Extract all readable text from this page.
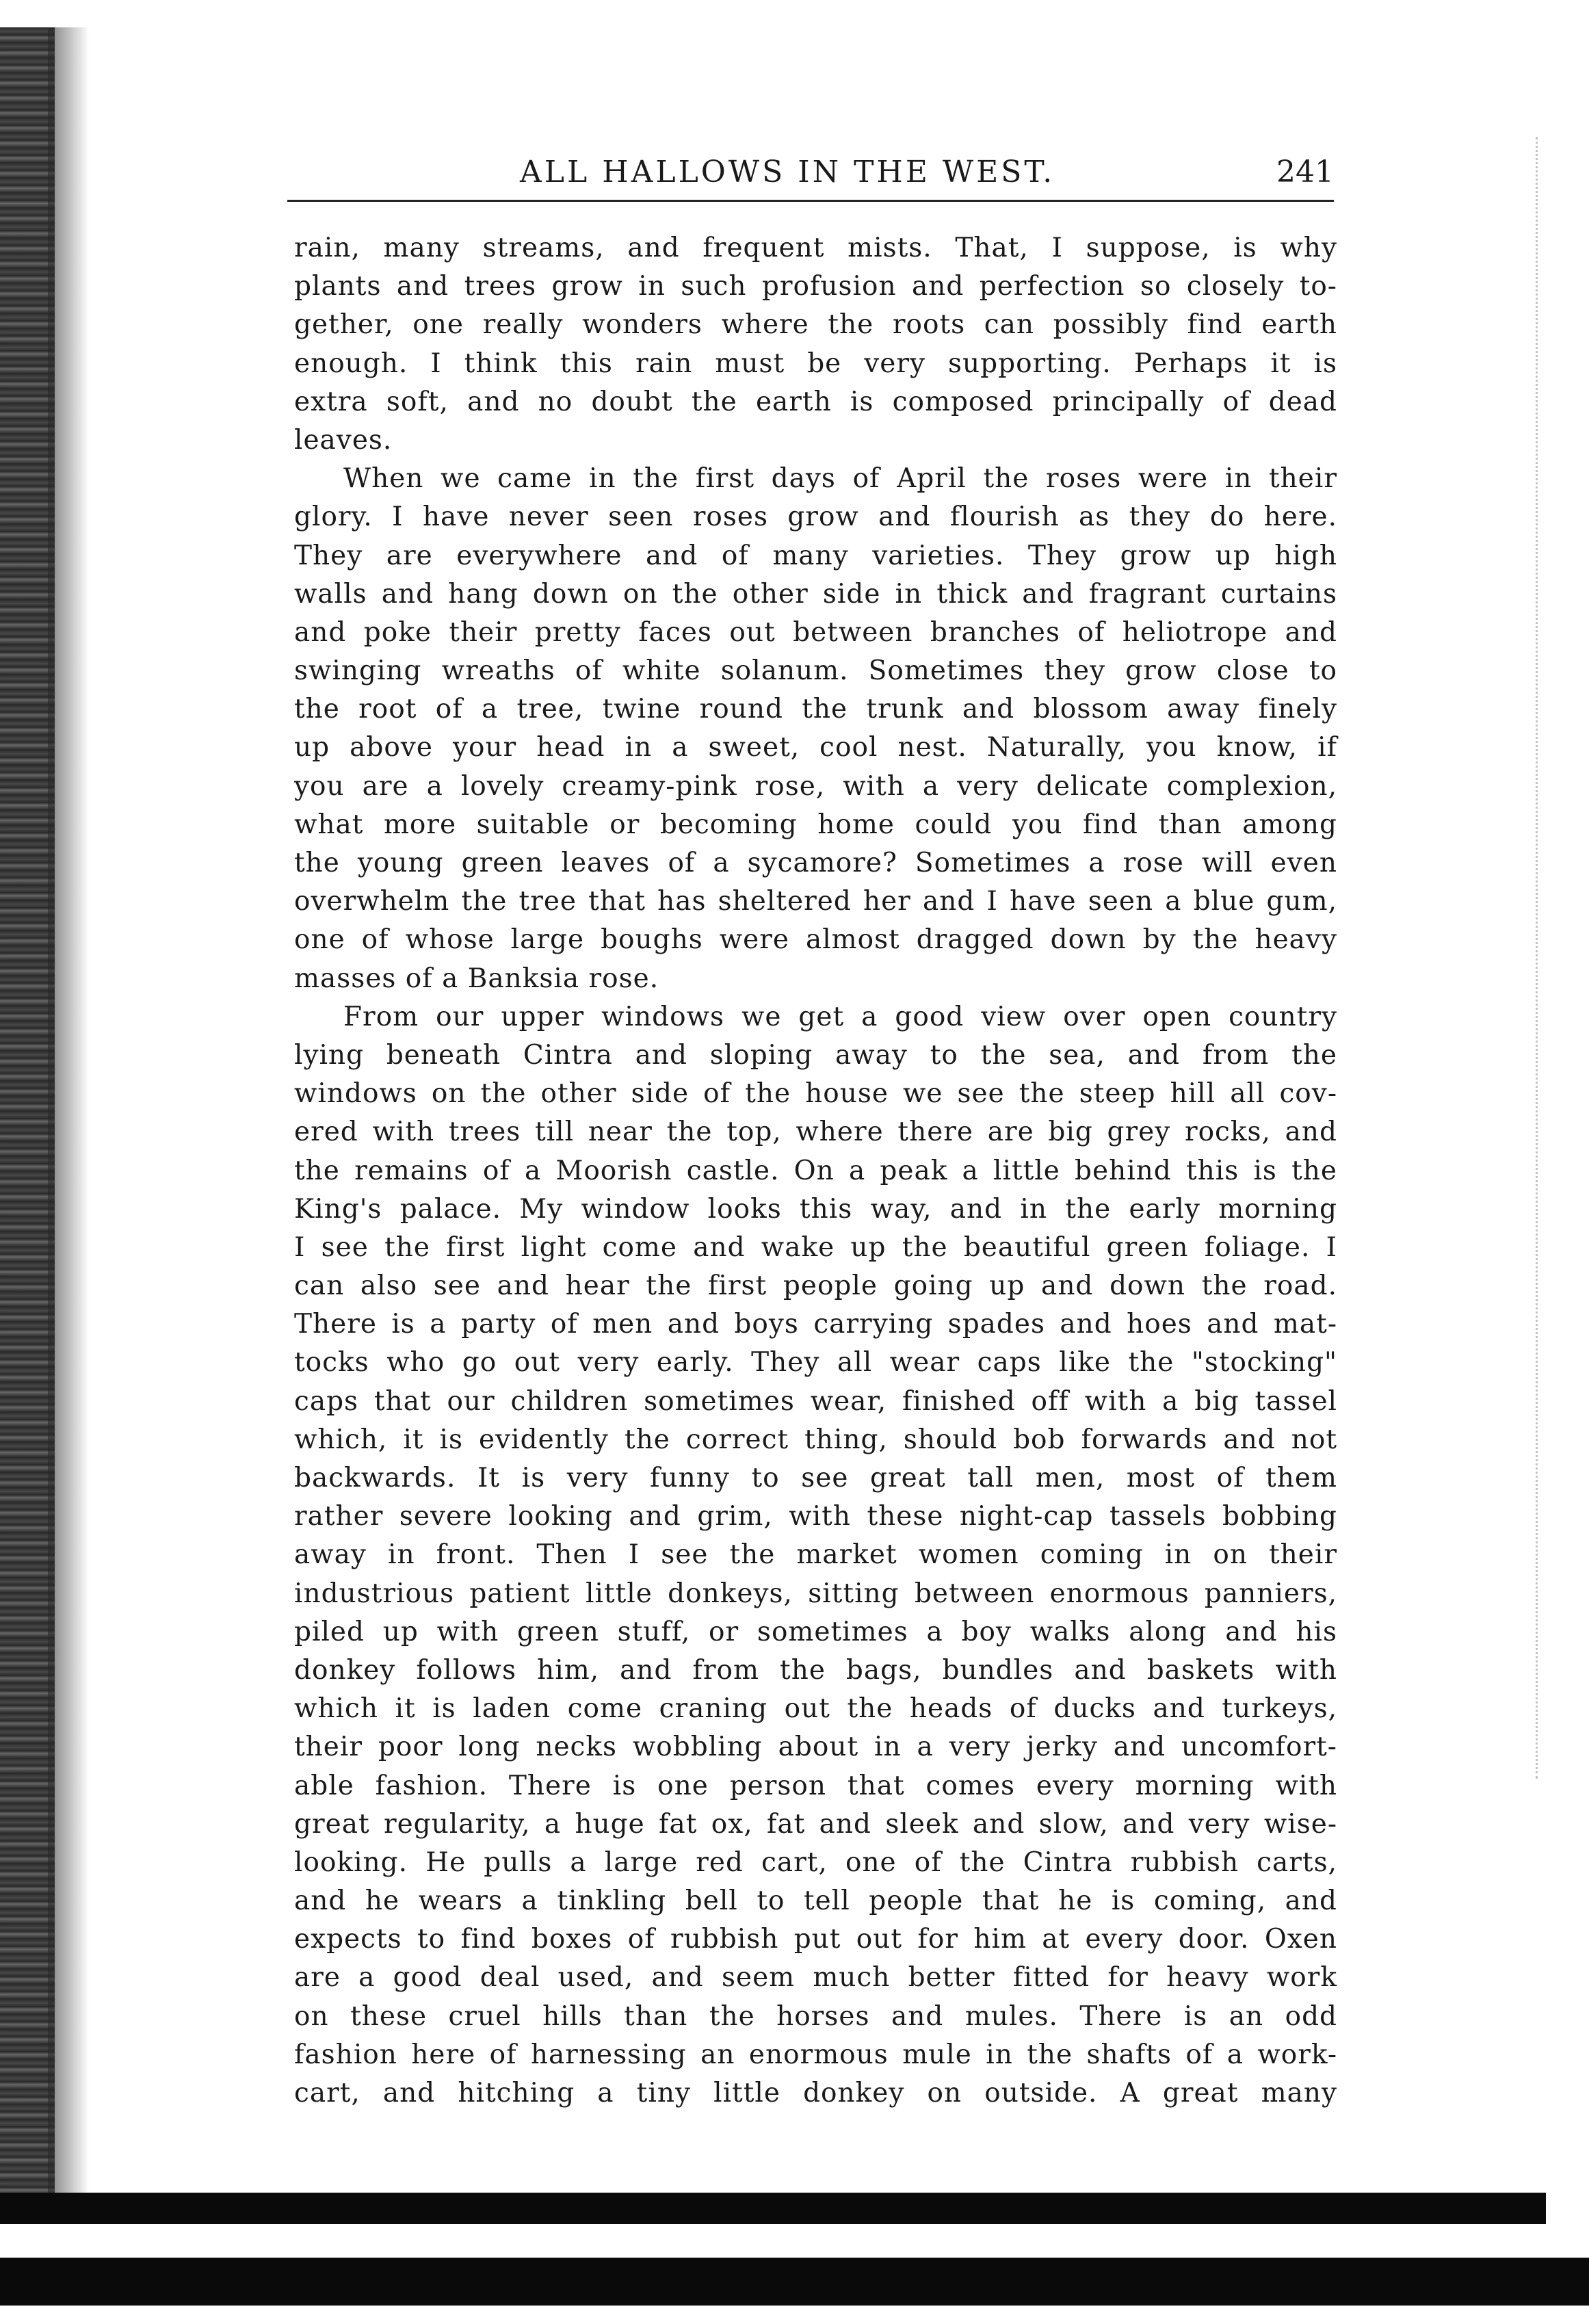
ALL HALLOWS IN THE WEST.	241
rain, many streams, and frequent mists. That, I suppose, is why
plants and trees grow in such profusion and perfection so closely to-
gether, one really wonders where the roots can possibly find earth
enough. I think this rain must be very supporting. Perhaps it is
extra soft, and no doubt the earth is composed principally of dead
leaves.
When we came in the first days of April the roses were in their
glory. I have never seen roses grow and flourish as they do here.
They are everywhere and of many varieties. They grow up high
walls and hang down on the other side in thick and fragrant curtains
and poke their pretty faces out between branches of heliotrope and
swinging wreaths of white solanum. Sometimes they grow close to
the root of a tree, twine round the trunk and blossom away finely
up above your head in a sweet, cool nest. Naturally, you know, if
you are a lovely creamy-pink rose, with a very delicate complexion,
what more suitable or becoming home could you find than among
the young green leaves of a sycamore? Sometimes a rose will even
overwhelm the tree that has sheltered her and I have seen a blue gum,
one of whose large boughs were almost dragged down by the heavy
masses of a Banksia rose.
From our upper windows we get a good view over open country
lying beneath Cintra and sloping away to the sea, and from the
windows on the other side of the house we see the steep hill all cov-
ered with trees till near the top, where there are big grey rocks, and
the remains of a Moorish castle. On a peak a little behind this is the
King's palace. My window looks this way, and in the early morning
I see the first light come and wake up the beautiful green foliage. I
can also see and hear the first people going up and down the road.
There is a party of men and boys carrying spades and hoes and mat-
tocks who go out very early. They all wear caps like the "stocking"
caps that our children sometimes wear, finished off with a big tassel
which, it is evidently the correct thing, should bob forwards and not
backwards. It is very funny to see great tall men, most of them
rather severe looking and grim, with these night-cap tassels bobbing
away in front. Then I see the market women coming in on their
industrious patient little donkeys, sitting between enormous panniers,
piled up with green stuff, or sometimes a boy walks along and his
donkey follows him, and from the bags, bundles and baskets with
which it is laden come craning out the heads of ducks and turkeys,
their poor long necks wobbling about in a very jerky and uncomfort-
able fashion. There is one person that comes every morning with
great regularity, a huge fat ox, fat and sleek and slow, and very wise-
looking. He pulls a large red cart, one of the Cintra rubbish carts,
and he wears a tinkling bell to tell people that he is coming, and
expects to find boxes of rubbish put out for him at every door. Oxen
are a good deal used, and seem much better fitted for heavy work
on these cruel hills than the horses and mules. There is an odd
fashion here of harnessing an enormous mule in the shafts of a work-
cart, and hitching a tiny little donkey on outside. A great many
